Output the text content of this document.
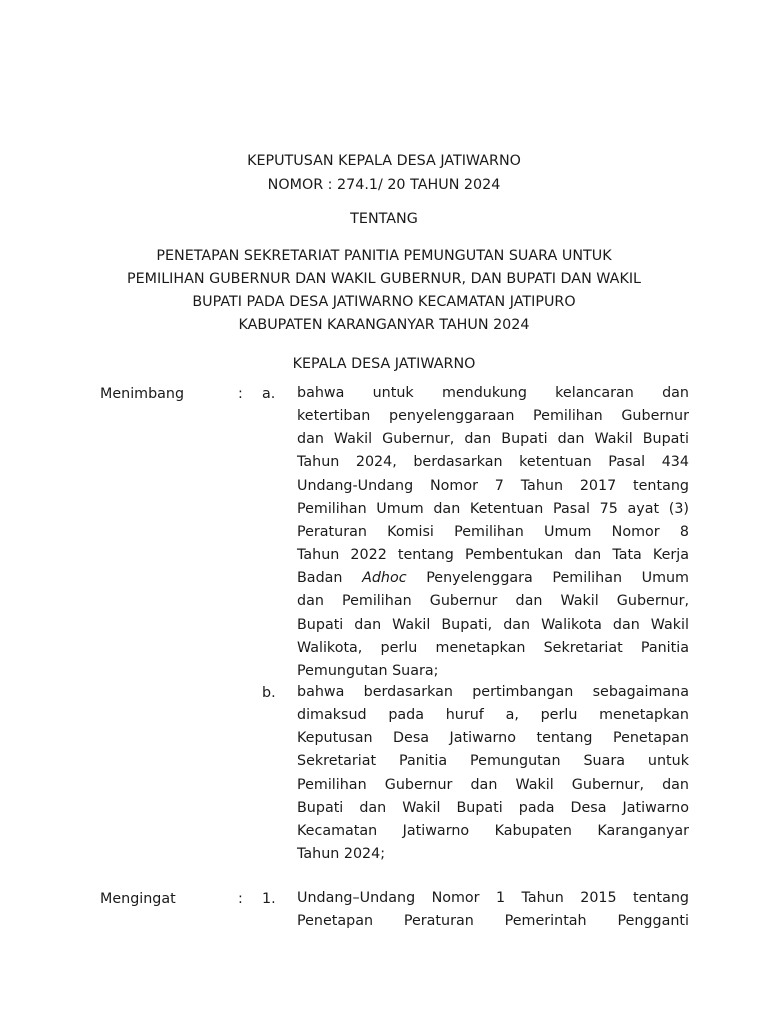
KEPUTUSAN KEPALA DESA JATIWARNO
NOMOR : 274.1/ 20 TAHUN 2024
TENTANG
PENETAPAN SEKRETARIAT PANITIA PEMUNGUTAN SUARA UNTUK
PEMILIHAN GUBERNUR DAN WAKIL GUBERNUR, DAN BUPATI DAN WAKIL
BUPATI PADA DESA JATIWARNO KECAMATAN JATIPURO
KABUPATEN KARANGANYAR TAHUN 2024
KEPALA DESA JATIWARNO
Menimbang	: a. bahwa untuk mendukung kelancaran dan
ketertiban penyelenggaraan Pemilihan Gubernur
dan Wakil Gubernur, dan Bupati dan Wakil Bupati
Tahun 2024, berdasarkan ketentuan Pasal 434
Undang-Undang Nomor 7 Tahun 2017 tentang
Pemilihan Umum dan Ketentuan Pasal 75 ayat (3)
Peraturan Komisi Pemilihan Umum Nomor 8
Tahun 2022 tentang Pembentukan dan Tata Kerja
Badan Adhoc Penyelenggara Pemilihan Umum
dan Pemilihan Gubernur dan Wakil Gubernur,
Bupati dan Wakil Bupati, dan Walikota dan Wakil
Walikota, perlu menetapkan Sekretariat Panitia
Pemungutan Suara;
b. bahwa berdasarkan pertimbangan sebagaimana
dimaksud pada huruf a, perlu menetapkan
Keputusan Desa Jatiwarno tentang Penetapan
Sekretariat Panitia Pemungutan Suara untuk
Pemilihan Gubernur dan Wakil Gubernur, dan
Bupati dan Wakil Bupati pada Desa Jatiwarno
Kecamatan Jatiwarno Kabupaten Karanganyar
Tahun 2024;
Mengingat	: 1. Undang–Undang Nomor 1 Tahun 2015 tentang
Penetapan Peraturan Pemerintah Pengganti
